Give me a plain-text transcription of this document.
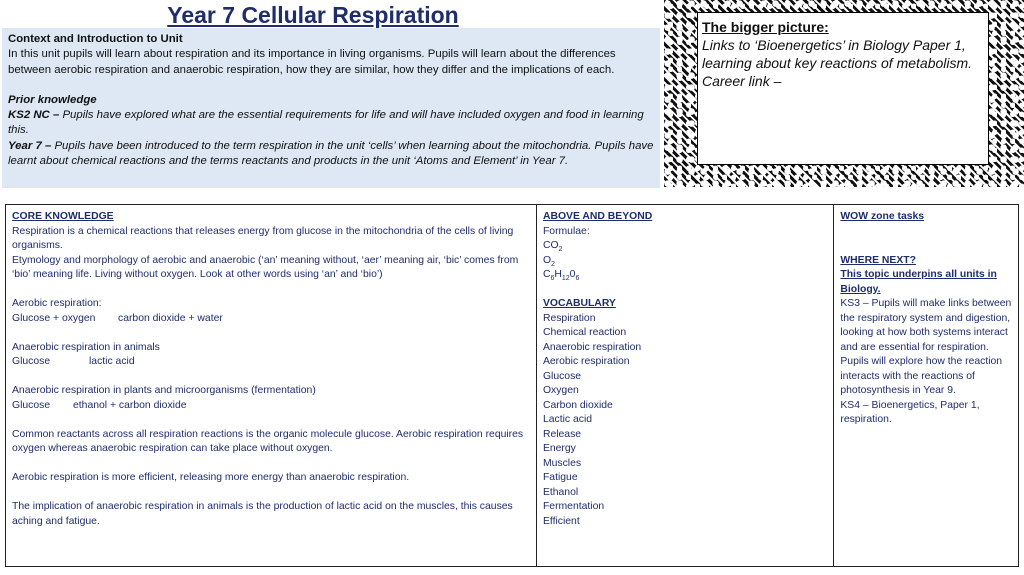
Year 7 Cellular Respiration
Context and Introduction to Unit
In this unit pupils will learn about respiration and its importance in living organisms. Pupils will learn about the differences between aerobic respiration and anaerobic respiration, how they are similar, how they differ and the implications of each.
Prior knowledge
KS2 NC – Pupils have explored what are the essential requirements for life and will have included oxygen and food in learning this.
Year 7 – Pupils have been introduced to the term respiration in the unit ‘cells’ when learning about the mitochondria. Pupils have learnt about chemical reactions and the terms reactants and products in the unit ‘Atoms and Element’ in Year 7.
The bigger picture:
Links to ‘Bioenergetics’ in Biology Paper 1,
learning about key reactions of metabolism.
Career link –
CORE KNOWLEDGE
Respiration is a chemical reactions that releases energy from glucose in the mitochondria of the cells of living organisms.
Etymology and morphology of aerobic and anaerobic (‘an’ meaning without, ‘aer’ meaning air, ‘bic’ comes from ‘bio’ meaning life. Living without oxygen. Look at other words using ‘an’ and ‘bio’)
Aerobic respiration:
Glucose + oxygen carbon dioxide + water
Anaerobic respiration in animals
Glucose	lactic acid
Anaerobic respiration in plants and microorganisms (fermentation)
Glucose ethanol + carbon dioxide
Common reactants across all respiration reactions is the organic molecule glucose. Aerobic respiration requires oxygen whereas anaerobic respiration can take place without oxygen.
Aerobic respiration is more efficient, releasing more energy than anaerobic respiration.
The implication of anaerobic respiration in animals is the production of lactic acid on the muscles, this causes aching and fatigue.
ABOVE AND BEYOND
Formulae:
$CO_2$
$O_2$
$C_6H_{12}0_6$
VOCABULARY
Respiration
Chemical reaction
Anaerobic respiration
Aerobic respiration
Glucose
Oxygen
Carbon dioxide
Lactic acid
Release
Energy
Muscles
Fatigue
Ethanol
Fermentation
Efficient
WOW zone tasks
WHERE NEXT?
This topic underpins all units in Biology.
KS3 – Pupils will make links between the respiratory system and digestion, looking at how both systems interact and are essential for respiration. Pupils will explore how the reaction interacts with the reactions of photosynthesis in Year 9.
KS4 – Bioenergetics, Paper 1, respiration.
